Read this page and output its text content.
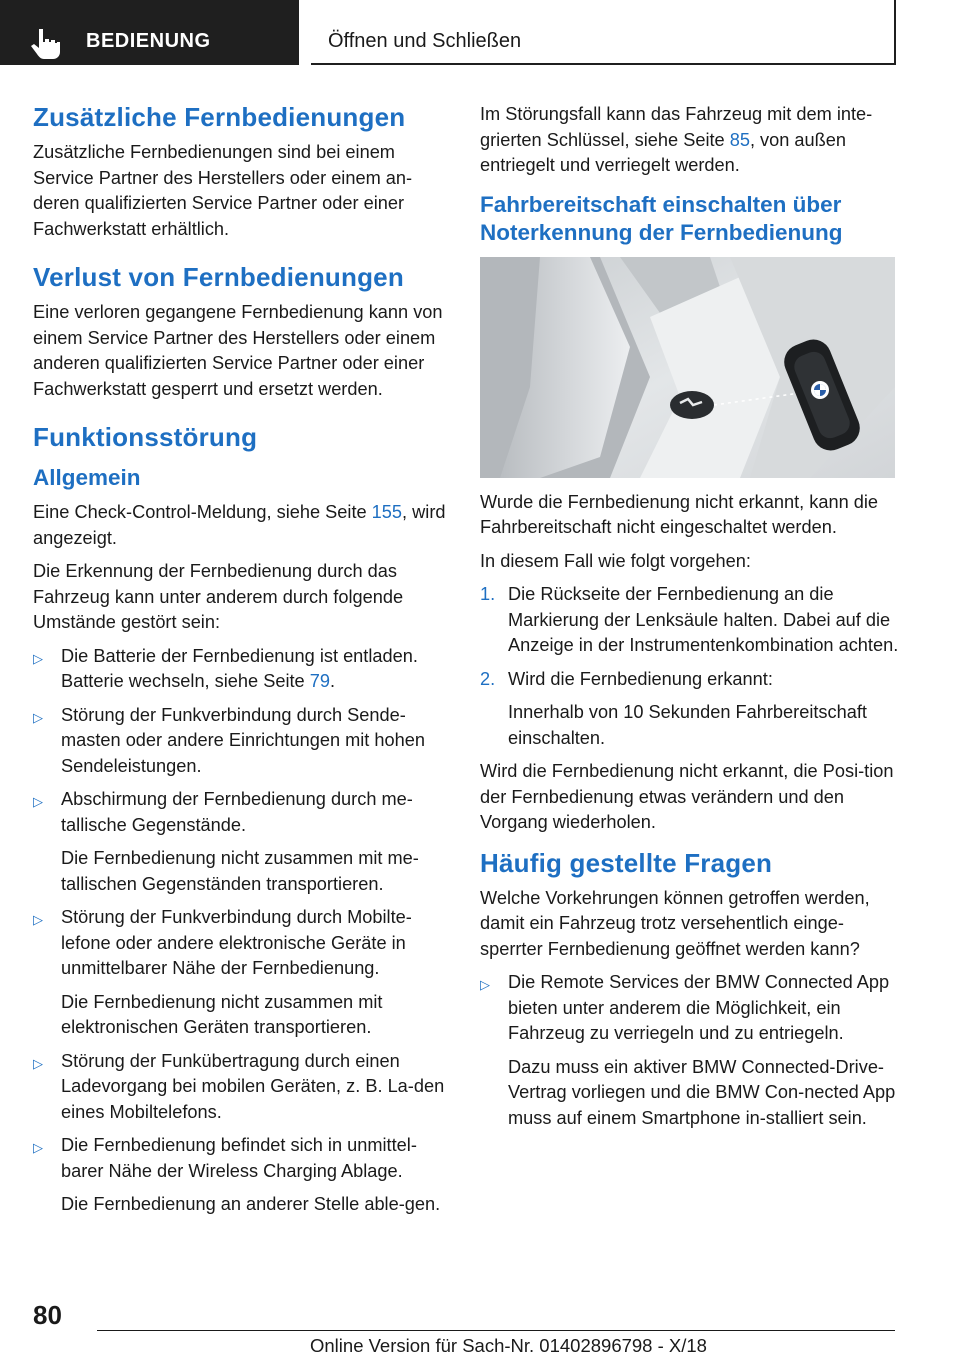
BEDIENUNG	Öffnen und Schließen
Zusätzliche Fernbedienungen
Zusätzliche Fernbedienungen sind bei einem Service Partner des Herstellers oder einem an-deren qualifizierten Service Partner oder einer Fachwerkstatt erhältlich.
Verlust von Fernbedienungen
Eine verloren gegangene Fernbedienung kann von einem Service Partner des Herstellers oder einem anderen qualifizierten Service Partner oder einer Fachwerkstatt gesperrt und ersetzt werden.
Funktionsstörung
Allgemein
Eine Check-Control-Meldung, siehe Seite 155, wird angezeigt.
Die Erkennung der Fernbedienung durch das Fahrzeug kann unter anderem durch folgende Umstände gestört sein:
▷ Die Batterie der Fernbedienung ist entladen. Batterie wechseln, siehe Seite 79.
▷ Störung der Funkverbindung durch Sende-masten oder andere Einrichtungen mit hohen Sendeleistungen.
▷ Abschirmung der Fernbedienung durch me-tallische Gegenstände.
Die Fernbedienung nicht zusammen mit me-tallischen Gegenständen transportieren.
▷ Störung der Funkverbindung durch Mobilte-lefone oder andere elektronische Geräte in unmittelbarer Nähe der Fernbedienung.
Die Fernbedienung nicht zusammen mit elektronischen Geräten transportieren.
▷ Störung der Funkübertragung durch einen Ladevorgang bei mobilen Geräten, z. B. La-den eines Mobiltelefons.
▷ Die Fernbedienung befindet sich in unmittel-barer Nähe der Wireless Charging Ablage.
Die Fernbedienung an anderer Stelle able-gen.
Im Störungsfall kann das Fahrzeug mit dem inte-grierten Schlüssel, siehe Seite 85, von außen entriegelt und verriegelt werden.
Fahrbereitschaft einschalten über Noterkennung der Fernbedienung
Wurde die Fernbedienung nicht erkannt, kann die Fahrbereitschaft nicht eingeschaltet werden.
In diesem Fall wie folgt vorgehen:
1. Die Rückseite der Fernbedienung an die Markierung der Lenksäule halten. Dabei auf die Anzeige in der Instrumentenkombination achten.
2. Wird die Fernbedienung erkannt:
Innerhalb von 10 Sekunden Fahrbereitschaft einschalten.
Wird die Fernbedienung nicht erkannt, die Posi-tion der Fernbedienung etwas verändern und den Vorgang wiederholen.
Häufig gestellte Fragen
Welche Vorkehrungen können getroffen werden, damit ein Fahrzeug trotz versehentlich einge-sperrter Fernbedienung geöffnet werden kann?
▷ Die Remote Services der BMW Connected App bieten unter anderem die Möglichkeit, ein Fahrzeug zu verriegeln und zu entriegeln.
Dazu muss ein aktiver BMW Connected-Drive-Vertrag vorliegen und die BMW Con-nected App muss auf einem Smartphone in-stalliert sein.
80
Online Version für Sach-Nr. 01402896798 - X/18
